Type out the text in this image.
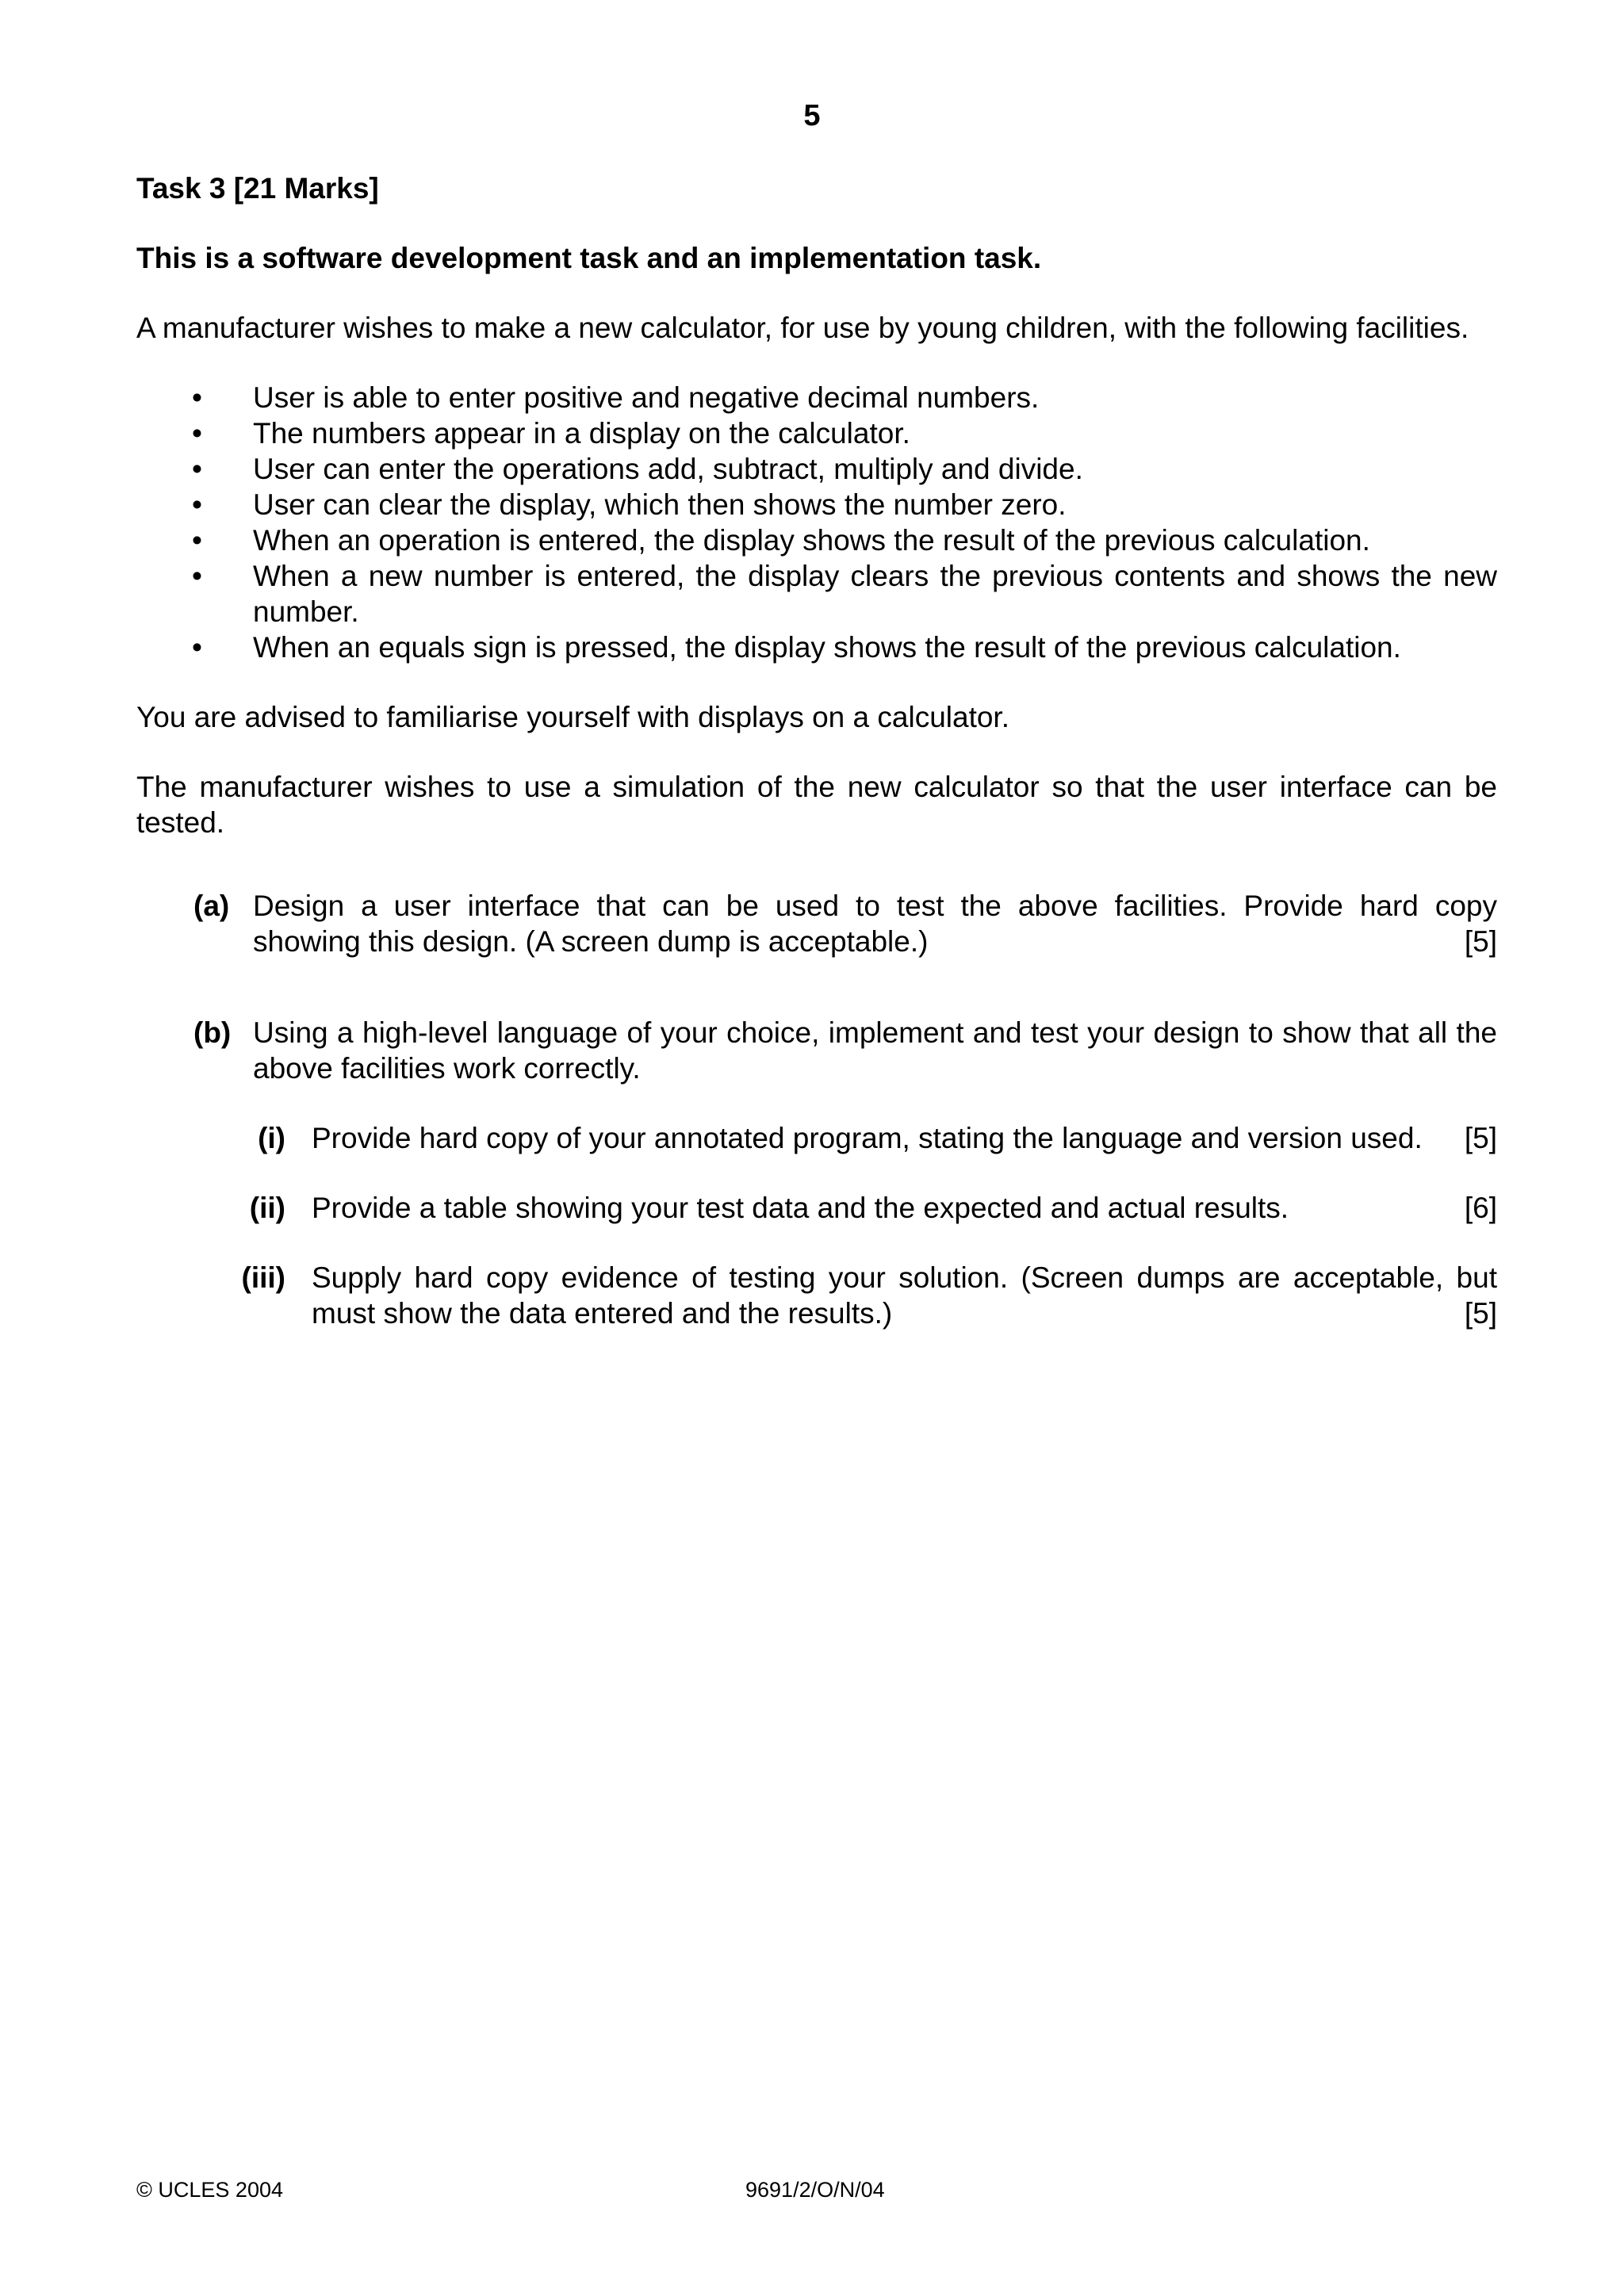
5
Task 3 [21 Marks]
This is a software development task and an implementation task.

A manufacturer wishes to make a new calculator, for use by young children, with the following facilities.

• User is able to enter positive and negative decimal numbers.
• The numbers appear in a display on the calculator.
• User can enter the operations add, subtract, multiply and divide.
• User can clear the display, which then shows the number zero.
• When an operation is entered, the display shows the result of the previous calculation.
• When a new number is entered, the display clears the previous contents and shows the new number.
• When an equals sign is pressed, the display shows the result of the previous calculation.

You are advised to familiarise yourself with displays on a calculator.

The manufacturer wishes to use a simulation of the new calculator so that the user interface can be tested.

(a) Design a user interface that can be used to test the above facilities. Provide hard copy
showing this design. (A screen dump is acceptable.)	[5]
(b) Using a high-level language of your choice, implement and test your design to show that all the above facilities work correctly.
(i) Provide hard copy of your annotated program, stating the language and version used. [5]
(ii) Provide a table showing your test data and the expected and actual results.	[6]
(iii) Supply hard copy evidence of testing your solution. (Screen dumps are acceptable, but
must show the data entered and the results.)	[5]
© UCLES 2004	9691/2/O/N/04
